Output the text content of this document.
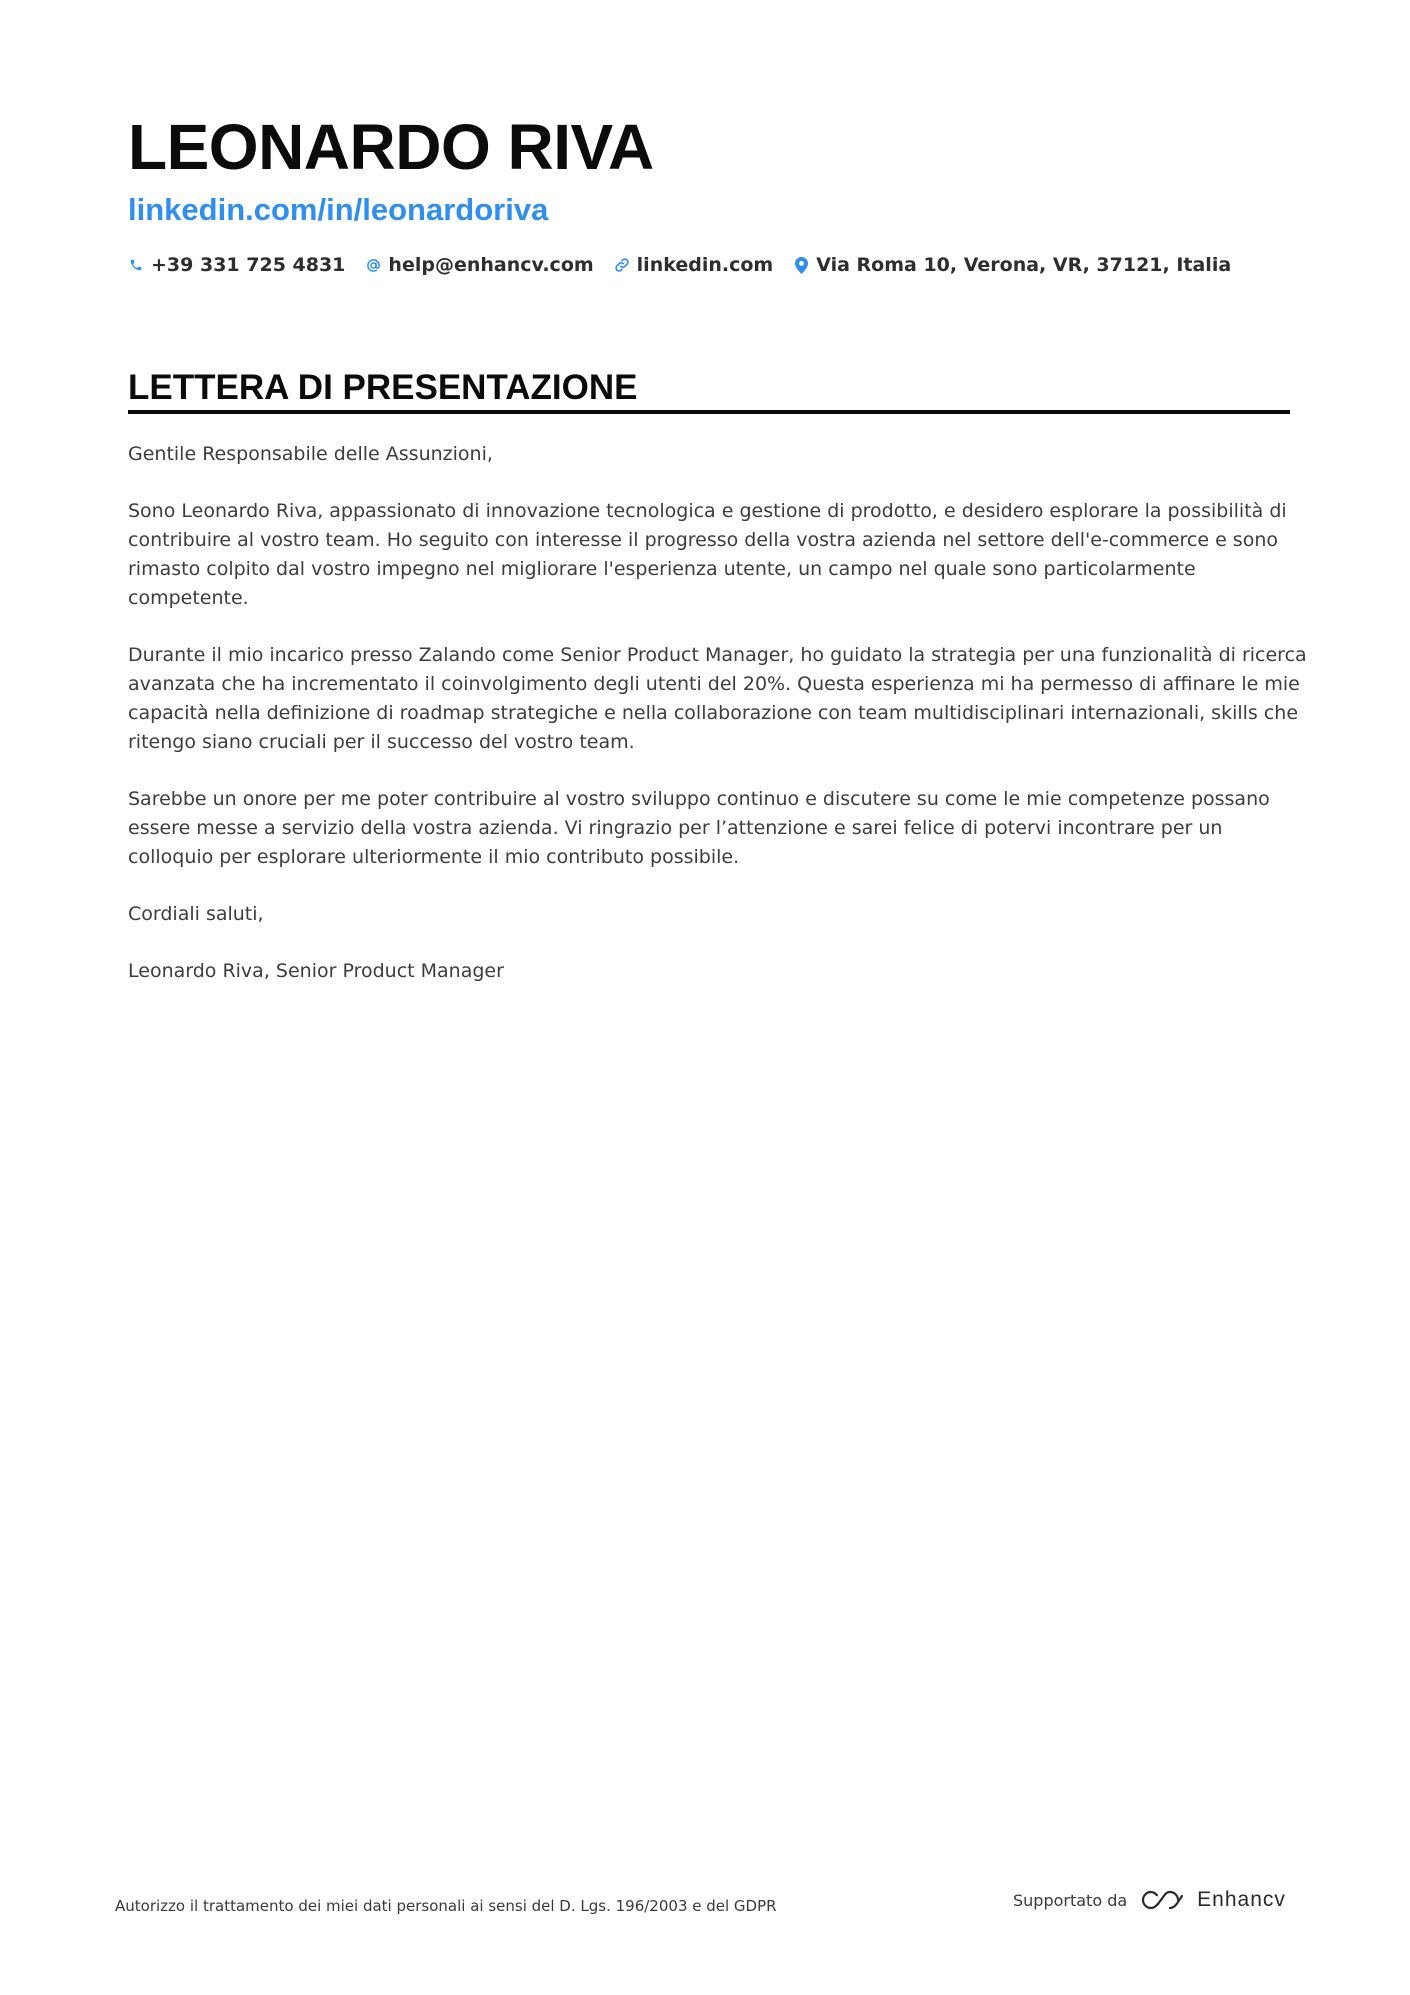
LEONARDO RIVA
linkedin.com/in/leonardoriva
+39 331 725 4831 help@enhancv.com linkedin.com Via Roma 10, Verona, VR, 37121, Italia
LETTERA DI PRESENTAZIONE

Gentile Responsabile delle Assunzioni,

Sono Leonardo Riva, appassionato di innovazione tecnologica e gestione di prodotto, e desidero esplorare la possibilità di contribuire al vostro team. Ho seguito con interesse il progresso della vostra azienda nel settore dell'e-commerce e sono rimasto colpito dal vostro impegno nel migliorare l'esperienza utente, un campo nel quale sono particolarmente competente.

Durante il mio incarico presso Zalando come Senior Product Manager, ho guidato la strategia per una funzionalità di ricerca avanzata che ha incrementato il coinvolgimento degli utenti del 20%. Questa esperienza mi ha permesso di affinare le mie capacità nella definizione di roadmap strategiche e nella collaborazione con team multidisciplinari internazionali, skills che ritengo siano cruciali per il successo del vostro team.

Sarebbe un onore per me poter contribuire al vostro sviluppo continuo e discutere su come le mie competenze possano essere messe a servizio della vostra azienda. Vi ringrazio per l’attenzione e sarei felice di potervi incontrare per un colloquio per esplorare ulteriormente il mio contributo possibile.

Cordiali saluti,

Leonardo Riva, Senior Product Manager

Autorizzo il trattamento dei miei dati personali ai sensi del D. Lgs. 196/2003 e del GDPR	Supportato da	Enhancv
